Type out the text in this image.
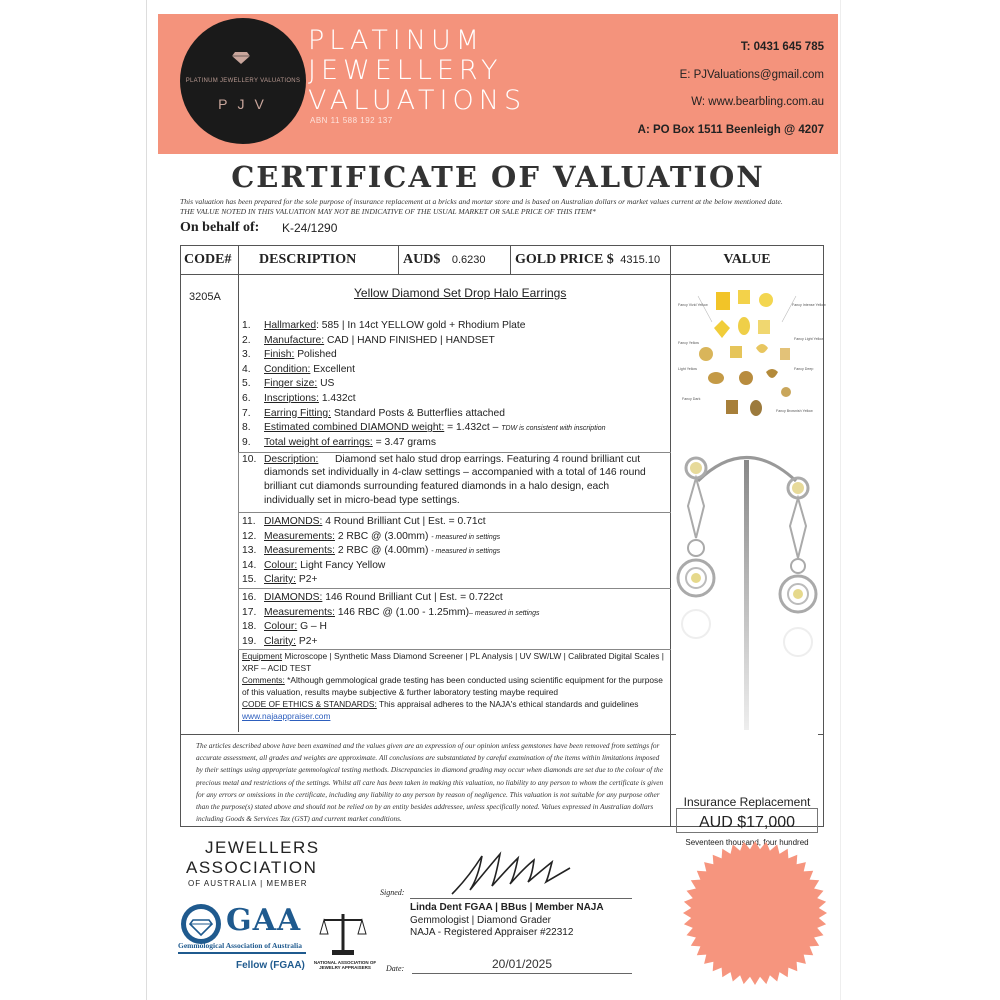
PLATINUM JEWELLERY VALUATIONS
PJV
PLATINUM
JEWELLERY
VALUATIONS
ABN 11 588 192 137
T: 0431 645 785
E: PJValuations@gmail.com
W: www.bearbling.com.au
A: PO Box 1511 Beenleigh @ 4207
CERTIFICATE OF VALUATION
This valuation has been prepared for the sole purpose of insurance replacement at a bricks and mortar store and is based on Australian dollars or market values current at the below mentioned date.
THE VALUE NOTED IN THIS VALUATION MAY NOT BE INDICATIVE OF THE USUAL MARKET OR SALE PRICE OF THIS ITEM*
On behalf of: K-24/1290
CODE#	DESCRIPTION	AUD$ 0.6230	GOLD PRICE $ 4315.10	VALUE
3205A	Yellow Diamond Set Drop Halo Earrings
1. Hallmarked: 585 | In 14ct YELLOW gold + Rhodium Plate
2. Manufacture: CAD | HAND FINISHED | HANDSET
3. Finish: Polished
4. Condition: Excellent
5. Finger size: US
6. Inscriptions: 1.432ct
7. Earring Fitting: Standard Posts & Butterflies attached
8. Estimated combined DIAMOND weight: = 1.432ct – TDW is consistent with inscription
9. Total weight of earrings: = 3.47 grams
10. Description: Diamond set halo stud drop earrings. Featuring 4 round brilliant cut
diamonds set individually in 4-claw settings – accompanied with a total of 146 round
brilliant cut diamonds surrounding featured diamonds in a halo design, each
individually set in micro-bead type settings.
11. DIAMONDS: 4 Round Brilliant Cut | Est. = 0.71ct
12. Measurements: 2 RBC @ (3.00mm) - measured in settings
13. Measurements: 2 RBC @ (4.00mm) - measured in settings
14. Colour: Light Fancy Yellow
15. Clarity: P2+
16. DIAMONDS: 146 Round Brilliant Cut | Est. = 0.722ct
17. Measurements: 146 RBC @ (1.00 - 1.25mm)– measured in settings
18. Colour: G – H
19. Clarity: P2+
Equipment Microscope | Synthetic Mass Diamond Screener | PL Analysis | UV SW/LW | Calibrated Digital Scales | XRF – ACID TEST
Comments: *Although gemmological grade testing has been conducted using scientific equipment for the purpose of this valuation, results maybe subjective & further laboratory testing maybe required
CODE OF ETHICS & STANDARDS: This appraisal adheres to the NAJA's ethical standards and guidelines
www.najaappraiser.com
Fancy Vivid Yellow	Fancy Intense Yellow
Fancy Yellow
Fancy Light Yellow
Light Yellow	Fancy Deep
Fancy Dark
Fancy Brownish Yellow
The articles described above have been examined and the values given are an expression of our opinion unless gemstones have been removed from settings for accurate assessment, all grades and weights are approximate. All conclusions are substantiated by careful examination of the items within limitations imposed by their settings using appropriate gemmological testing methods. Discrepancies in diamond grading may occur when diamonds are set due to the colour of the precious metal and restrictions of the settings. Whilst all care has been taken in making this valuation, no liability to any person to whom the certificate is given for any errors or omissions in the certificate, including any liability to any person by reason of negligence. This valuation is not suitable for any purpose other than the purpose(s) stated above and should not be relied on by an entity besides addressee, unless specifically noted. Values expressed in Australian dollars including Goods & Services Tax (GST) and current market conditions.
Insurance Replacement
AUD $17,000
Seventeen thousand, four hundred
JEWELLERS
ASSOCIATION
OF AUSTRALIA | MEMBER
GAA
Gemmological Association of Australia
Fellow (FGAA)	NATIONAL ASSOCIATION OF JEWELRY APPRAISERS
Signed:
Linda Dent FGAA | BBus | Member NAJA
Gemmologist | Diamond Grader
NAJA - Registered Appraiser #22312
Date:	20/01/2025
